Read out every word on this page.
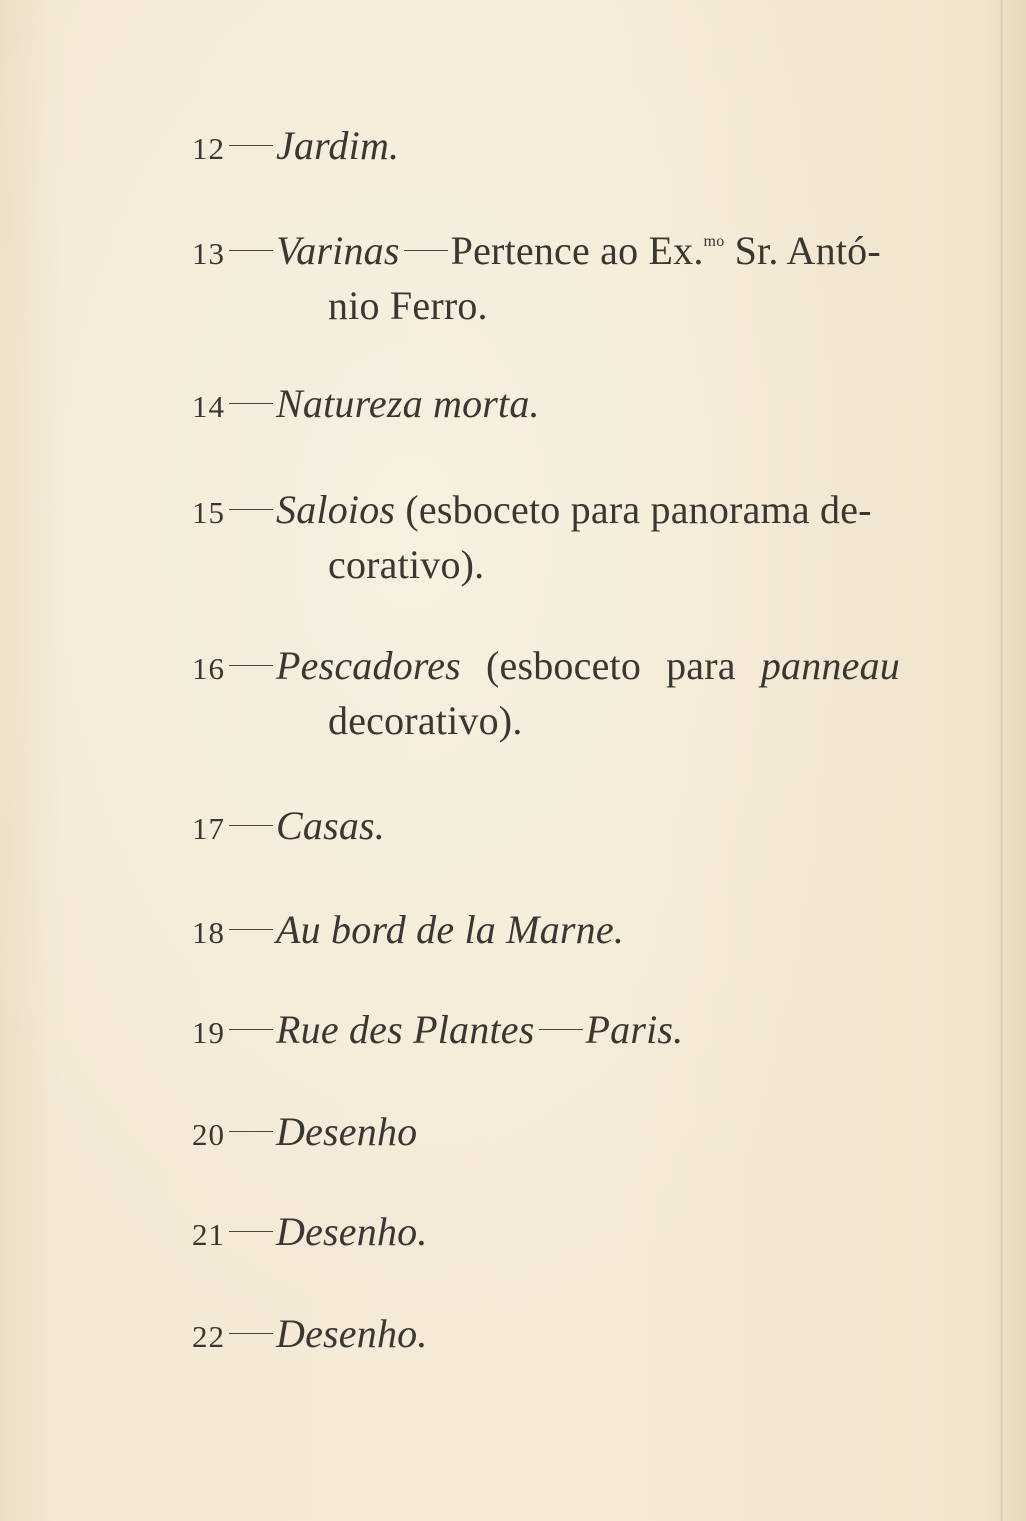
12 Jardim.
13 Varinas Pertence ao Ex.$^{mo}$ Sr. Antó-
nio Ferro.
14 Natureza morta.
15 Saloios (esboceto para panorama de-
corativo).
16 Pescadores (esboceto para panneau
decorativo).
17 Casas.
18 Au bord de la Marne.
19 Rue des Plantes Paris.
20 Desenho
21 Desenho.
22 Desenho.
